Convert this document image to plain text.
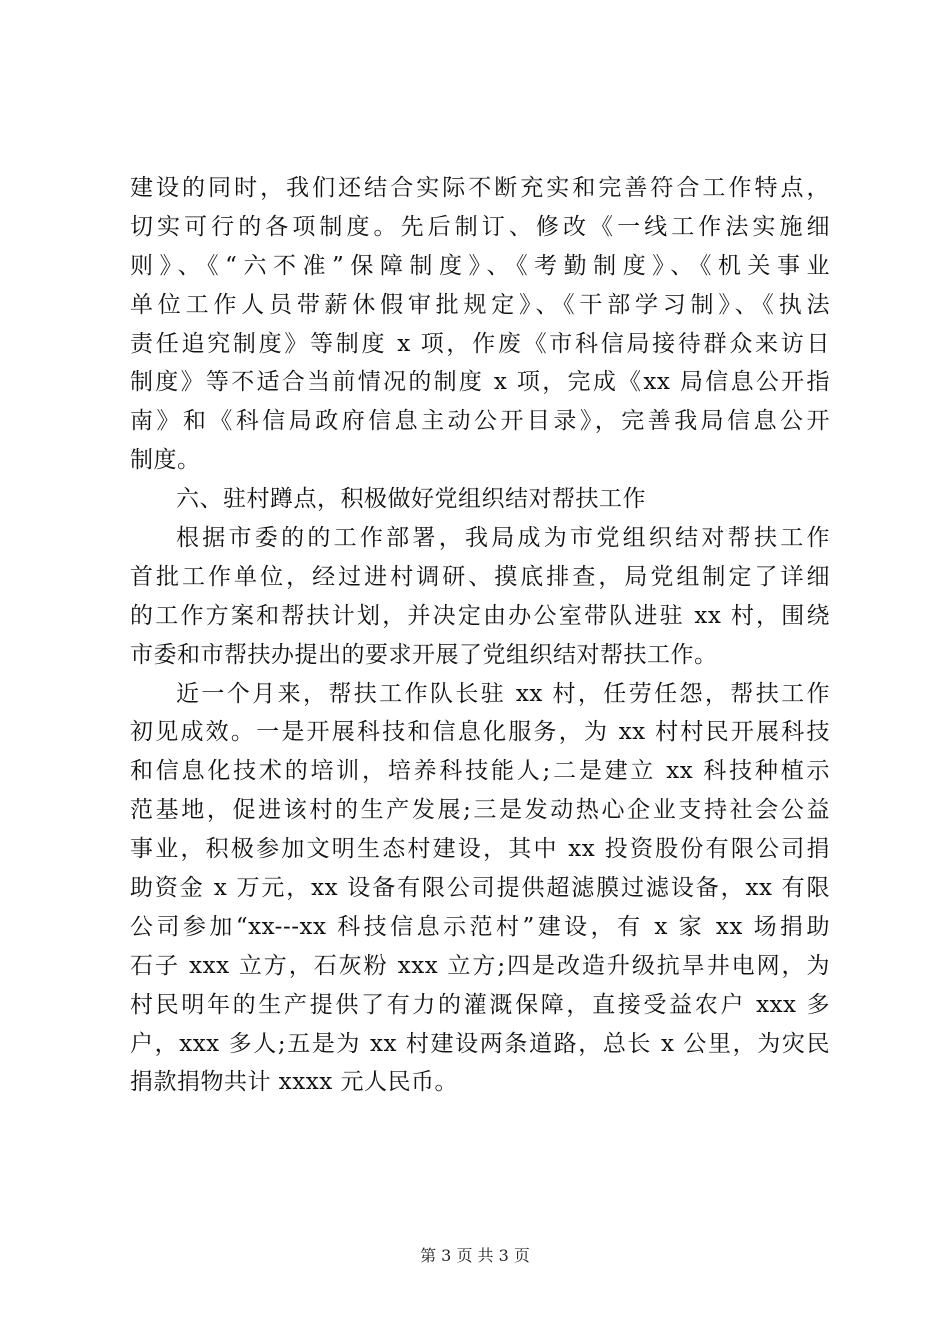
建设的同时，我们还结合实际不断充实和完善符合工作特点，
切实可行的各项制度。先后制订、修改《一线工作法实施细
则》、《“六不准”保障制度》、《考勤制度》、《机关事业
单位工作人员带薪休假审批规定》、《干部学习制》、《执法
责任追究制度》等制度 x 项，作废《市科信局接待群众来访日
制度》等不适合当前情况的制度 x 项，完成《xx 局信息公开指
南》和《科信局政府信息主动公开目录》，完善我局信息公开
制度。
六、驻村蹲点，积极做好党组织结对帮扶工作
根据市委的的工作部署，我局成为市党组织结对帮扶工作
首批工作单位，经过进村调研、摸底排查，局党组制定了详细
的工作方案和帮扶计划，并决定由办公室带队进驻 xx 村，围绕
市委和市帮扶办提出的要求开展了党组织结对帮扶工作。
近一个月来，帮扶工作队长驻 xx 村，任劳任怨，帮扶工作
初见成效。一是开展科技和信息化服务，为 xx 村村民开展科技
和信息化技术的培训，培养科技能人;二是建立 xx 科技种植示
范基地，促进该村的生产发展;三是发动热心企业支持社会公益
事业，积极参加文明生态村建设，其中 xx 投资股份有限公司捐
助资金 x 万元，xx 设备有限公司提供超滤膜过滤设备，xx 有限
公司参加“xx---xx 科技信息示范村”建设，有 x 家 xx 场捐助
石子 xxx 立方，石灰粉 xxx 立方;四是改造升级抗旱井电网，为
村民明年的生产提供了有力的灌溉保障，直接受益农户 xxx 多
户，xxx 多人;五是为 xx 村建设两条道路，总长 x 公里，为灾民
捐款捐物共计 xxxx 元人民币。
第 3 页 共 3 页
